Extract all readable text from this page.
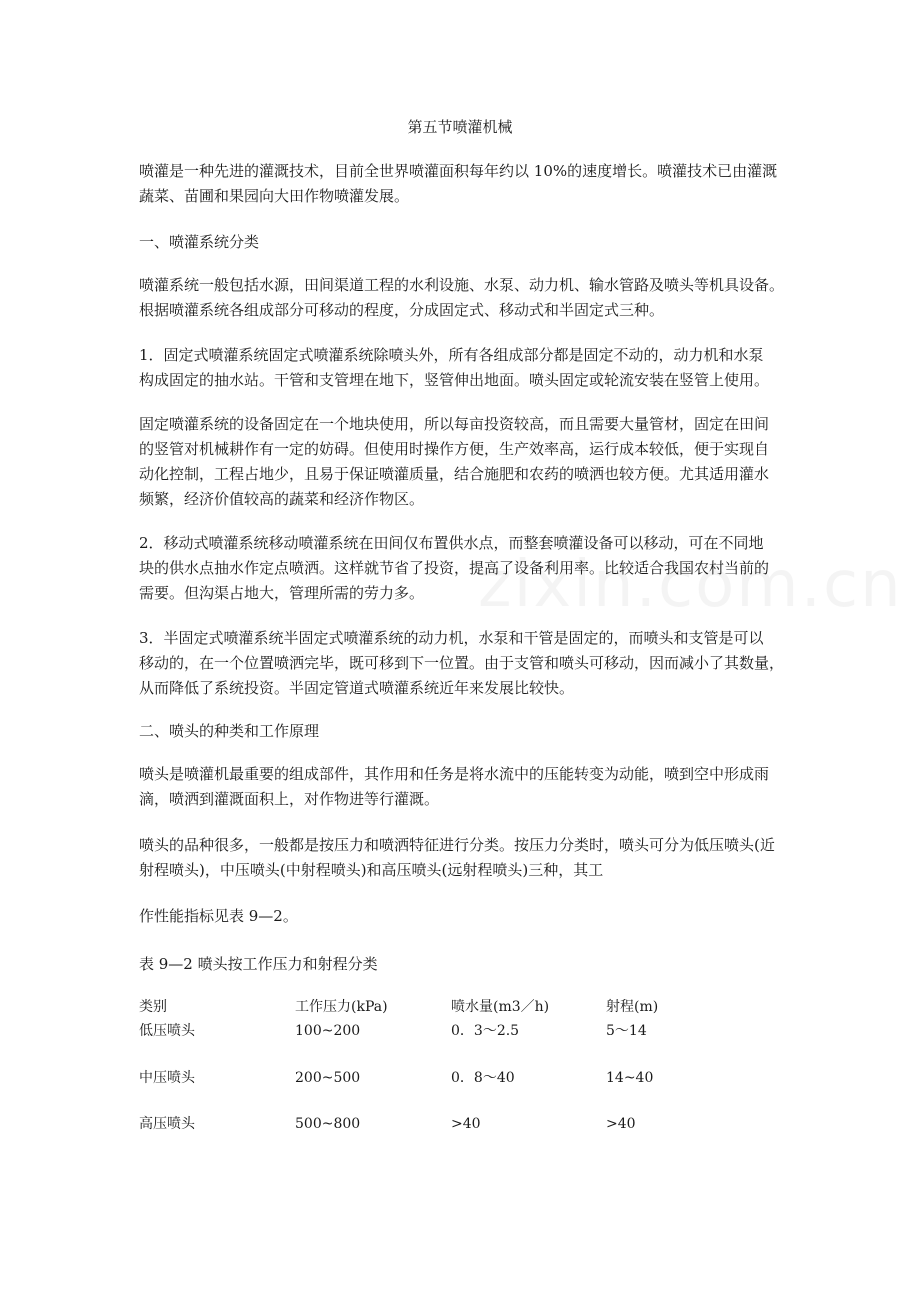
第五节喷灌机械

喷灌是一种先进的灌溉技术，目前全世界喷灌面积每年约以 10%的速度增长。喷灌技术已由灌溉
蔬菜、苗圃和果园向大田作物喷灌发展。

一、喷灌系统分类

喷灌系统一般包括水源，田间渠道工程的水利设施、水泵、动力机、输水管路及喷头等机具设备。
根据喷灌系统各组成部分可移动的程度，分成固定式、移动式和半固定式三种。

1．固定式喷灌系统固定式喷灌系统除喷头外，所有各组成部分都是固定不动的，动力机和水泵
构成固定的抽水站。干管和支管埋在地下，竖管伸出地面。喷头固定或轮流安装在竖管上使用。

固定喷灌系统的设备固定在一个地块使用，所以每亩投资较高，而且需要大量管材，固定在田间
的竖管对机械耕作有一定的妨碍。但使用时操作方便，生产效率高，运行成本较低，便于实现自
动化控制，工程占地少，且易于保证喷灌质量，结合施肥和农药的喷洒也较方便。尤其适用灌水
频繁，经济价值较高的蔬菜和经济作物区。

2．移动式喷灌系统移动喷灌系统在田间仅布置供水点，而整套喷灌设备可以移动，可在不同地
块的供水点抽水作定点喷洒。这样就节省了投资，提高了设备利用率。比较适合我国农村当前的
需要。但沟渠占地大，管理所需的劳力多。

3．半固定式喷灌系统半固定式喷灌系统的动力机，水泵和干管是固定的，而喷头和支管是可以
移动的，在一个位置喷洒完毕，既可移到下一位置。由于支管和喷头可移动，因而减小了其数量，
从而降低了系统投资。半固定管道式喷灌系统近年来发展比较快。

二、喷头的种类和工作原理

喷头是喷灌机最重要的组成部件，其作用和任务是将水流中的压能转变为动能，喷到空中形成雨
滴，喷洒到灌溉面积上，对作物进等行灌溉。

喷头的品种很多，一般都是按压力和喷洒特征进行分类。按压力分类时，喷头可分为低压喷头(近
射程喷头)，中压喷头(中射程喷头)和高压喷头(远射程喷头)三种，其工

作性能指标见表 9—2。

表 9—2 喷头按工作压力和射程分类

类别	工作压力(kPa)	喷水量(m3／h)	射程(m)
低压喷头	100~200	0．3～2.5	5～14
中压喷头	200~500	0．8～40	14~40
高压喷头	500~800	>40	>40
